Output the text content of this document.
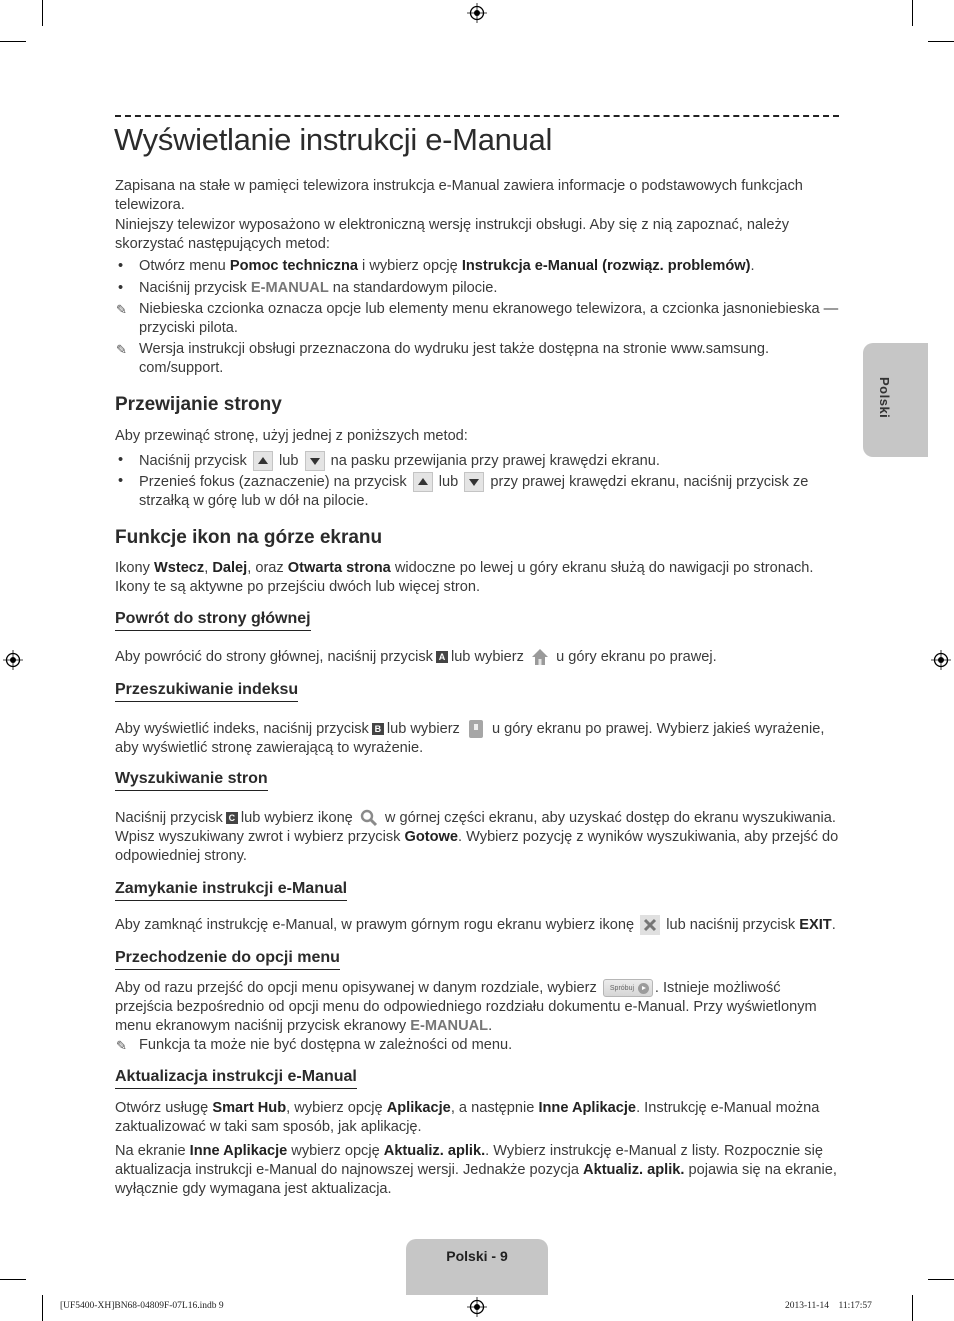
Wyświetlanie instrukcji e-Manual

Zapisana na stałe w pamięci telewizora instrukcja e-Manual zawiera informacje o podstawowych funkcjach telewizora.

Niniejszy telewizor wyposażono w elektroniczną wersję instrukcji obsługi. Aby się z nią zapoznać, należy skorzystać następujących metod:

• Otwórz menu Pomoc techniczna i wybierz opcję Instrukcja e-Manual (rozwiąz. problemów).

• Naciśnij przycisk E-MANUAL na standardowym pilocie.

✎ Niebieska czcionka oznacza opcje lub elementy menu ekranowego telewizora, a czcionka jasnoniebieska — przyciski pilota.

✎ Wersja instrukcji obsługi przeznaczona do wydruku jest także dostępna na stronie www.samsung. com/support.

Przewijanie strony

Aby przewinąć stronę, użyj jednej z poniższych metod:

• Naciśnij przycisk lub na pasku przewijania przy prawej krawędzi ekranu.

• Przenieś fokus (zaznaczenie) na przycisk lub przy prawej krawędzi ekranu, naciśnij przycisk ze strzałką w górę lub w dół na pilocie.

Funkcje ikon na górze ekranu

Ikony Wstecz, Dalej, oraz Otwarta strona widoczne po lewej u góry ekranu służą do nawigacji po stronach. Ikony te są aktywne po przejściu dwóch lub więcej stron.

Powrót do strony głównej

Aby powrócić do strony głównej, naciśnij przycisk A lub wybierz u góry ekranu po prawej.

Przeszukiwanie indeksu

Aby wyświetlić indeks, naciśnij przycisk B lub wybierz u góry ekranu po prawej. Wybierz jakieś wyrażenie, aby wyświetlić stronę zawierającą to wyrażenie.

Wyszukiwanie stron

Naciśnij przycisk C lub wybierz ikonę  w górnej części ekranu, aby uzyskać dostęp do ekranu wyszukiwania. Wpisz wyszukiwany zwrot i wybierz przycisk Gotowe. Wybierz pozycję z wyników wyszukiwania, aby przejść do odpowiedniej strony.

Zamykanie instrukcji e-Manual

Aby zamknąć instrukcję e-Manual, w prawym górnym rogu ekranu wybierz ikonę lub naciśnij przycisk EXIT.

Przechodzenie do opcji menu

Aby od razu przejść do opcji menu opisywanej w danym rozdziale, wybierz Spróbuj . Istnieje możliwość przejścia bezpośrednio od opcji menu do odpowiedniego rozdziału dokumentu e-Manual. Przy wyświetlonym menu ekranowym naciśnij przycisk ekranowy E-MANUAL.

✎ Funkcja ta może nie być dostępna w zależności od menu.

Aktualizacja instrukcji e-Manual

Otwórz usługę Smart Hub, wybierz opcję Aplikacje, a następnie Inne Aplikacje. Instrukcję e-Manual można zaktualizować w taki sam sposób, jak aplikację.

Na ekranie Inne Aplikacje wybierz opcję Aktualiz. aplik.. Wybierz instrukcję e-Manual z listy. Rozpocznie się aktualizacja instrukcji e-Manual do najnowszej wersji. Jednakże pozycja Aktualiz. aplik. pojawia się na ekranie, wyłącznie gdy wymagana jest aktualizacja.

Polski
Polski - 9
[UF5400-XH]BN68-04809F-07L16.indb 9	2013-11-14    11:17:57
